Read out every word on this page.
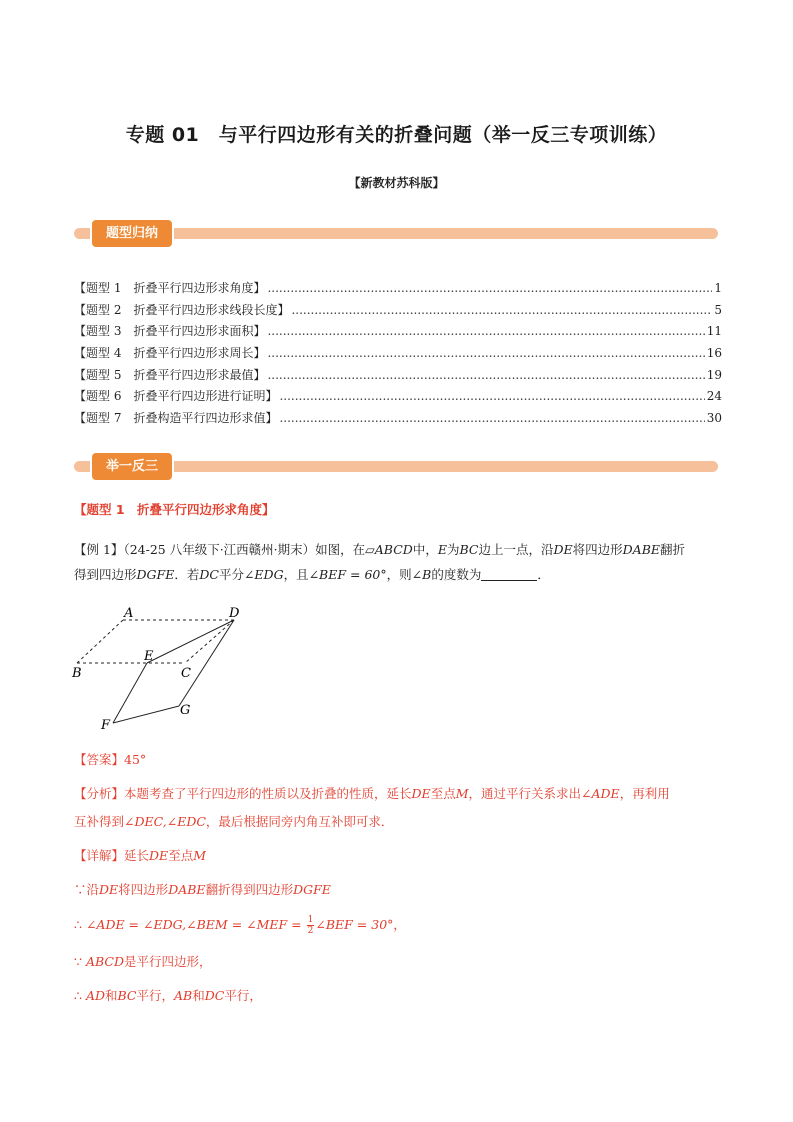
专题 01　与平行四边形有关的折叠问题（举一反三专项训练）
【新教材苏科版】
题型归纳
【题型 1　折叠平行四边形求角度】 .....	1
【题型 2　折叠平行四边形求线段长度】 .....	5
【题型 3　折叠平行四边形求面积】 .....	11
【题型 4　折叠平行四边形求周长】 .....	16
【题型 5　折叠平行四边形求最值】 .....	19
【题型 6　折叠平行四边形进行证明】 .....	24
【题型 7　折叠构造平行四边形求值】 .....	30
举一反三
【题型 1　折叠平行四边形求角度】
【例 1】（24-25 八年级下·江西赣州·期末）如图，在▱ABCD中，E为BC边上一点，沿DE将四边形DABE翻折
得到四边形DGFE．若DC平分∠EDG，且∠BEF = 60°，则∠B的度数为	．
A	D
B
E
C
F
G
【答案】45°
【分析】本题考查了平行四边形的性质以及折叠的性质，延长DE至点M，通过平行关系求出∠ADE，再利用
互补得到∠DEC,∠EDC，最后根据同旁内角互补即可求．
【详解】延长DE至点M
∵沿DE将四边形DABE翻折得到四边形DGFE
∴ ∠ADE = ∠EDG,∠BEM = ∠MEF = $\frac{1}{2}$ ∠BEF = 30°，
∵ ABCD是平行四边形，
∴ AD和BC平行，AB和DC平行，
